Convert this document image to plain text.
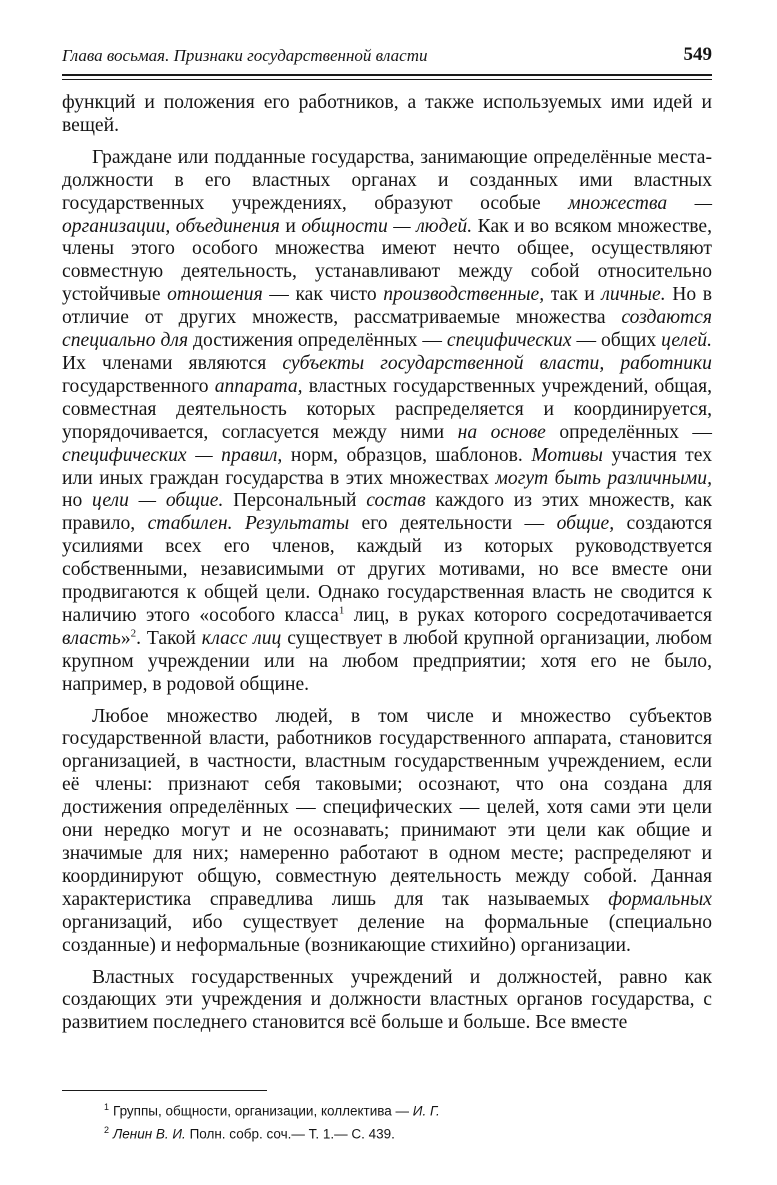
Глава восьмая. Признаки государственной власти	549

функций и положения его работников, а также используемых ими идей и вещей.

Граждане или подданные государства, занимающие определённые места-должности в его властных органах и созданных ими властных государственных учреждениях, образуют особые множества — организации, объединения и общности — людей. Как и во всяком множестве, члены этого особого множества имеют нечто общее, осуществляют совместную деятельность, устанавливают между собой относительно устойчивые отношения — как чисто производственные, так и личные. Но в отличие от других множеств, рассматриваемые множества создаются специально для достижения определённых — специфических — общих целей. Их членами являются субъекты государственной власти, работники государственного аппарата, властных государственных учреждений, общая, совместная деятельность которых распределяется и координируется, упорядочивается, согласуется между ними на основе определённых — специфических — правил, норм, образцов, шаблонов. Мотивы участия тех или иных граждан государства в этих множествах могут быть различными, но цели — общие. Персональный состав каждого из этих множеств, как правило, стабилен. Результаты его деятельности — общие, создаются усилиями всех его членов, каждый из которых руководствуется собственными, независимыми от других мотивами, но все вместе они продвигаются к общей цели. Однако государственная власть не сводится к наличию этого «особого класса$^1$ лиц, в руках которого сосредотачивается власть»$^2$. Такой класс лиц существует в любой крупной организации, любом крупном учреждении или на любом предприятии; хотя его не было, например, в родовой общине.

Любое множество людей, в том числе и множество субъектов государственной власти, работников государственного аппарата, становится организацией, в частности, властным государственным учреждением, если её члены: признают себя таковыми; осознают, что она создана для достижения определённых — специфических — целей, хотя сами эти цели они нередко могут и не осознавать; принимают эти цели как общие и значимые для них; намеренно работают в одном месте; распределяют и координируют общую, совместную деятельность между собой. Данная характеристика справедлива лишь для так называемых формальных организаций, ибо существует деление на формальные (специально созданные) и неформальные (возникающие стихийно) организации.

Властных государственных учреждений и должностей, равно как создающих эти учреждения и должности властных органов государства, с развитием последнего становится всё больше и больше. Все вместе

$^1$ Группы, общности, организации, коллектива — И. Г.
$^2$ Ленин В. И. Полн. собр. соч.— Т. 1.— С. 439.
